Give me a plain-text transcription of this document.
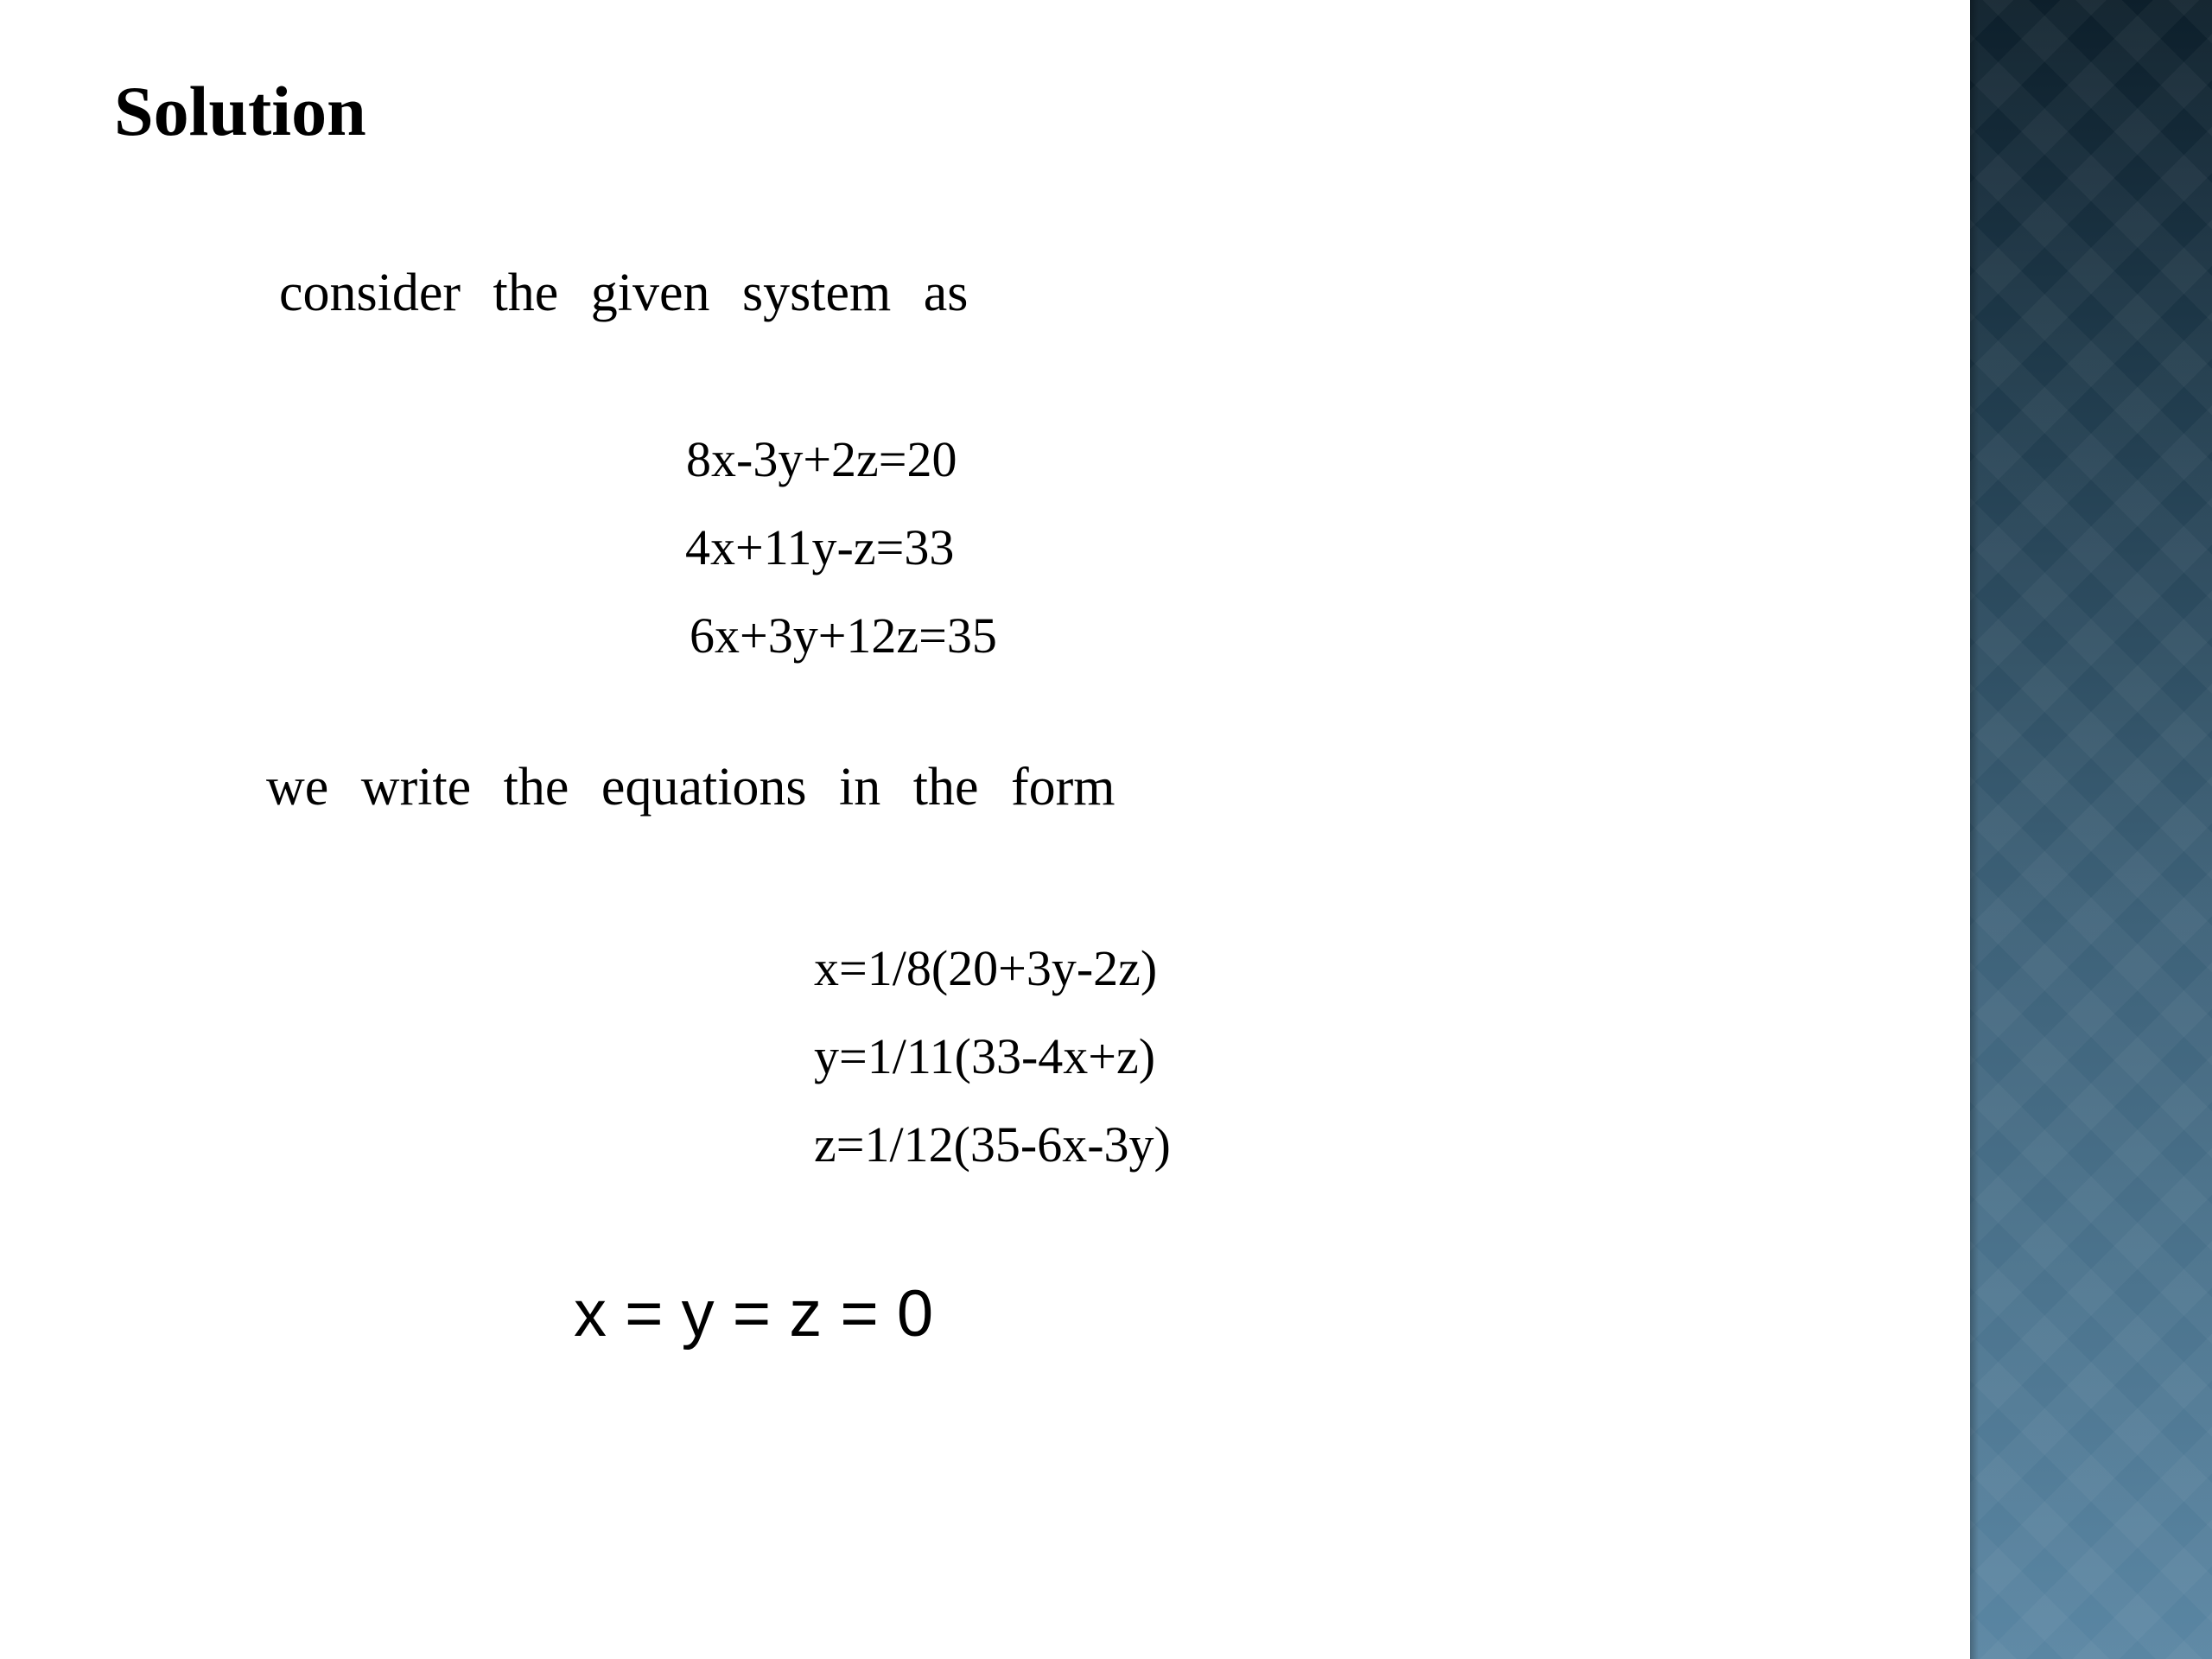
Solution
consider the given system as
8x-3y+2z=20
4x+11y-z=33
6x+3y+12z=35
we write the equations in the form
x=1/8(20+3y-2z)
y=1/11(33-4x+z)
z=1/12(35-6x-3y)
x = y = z = 0
